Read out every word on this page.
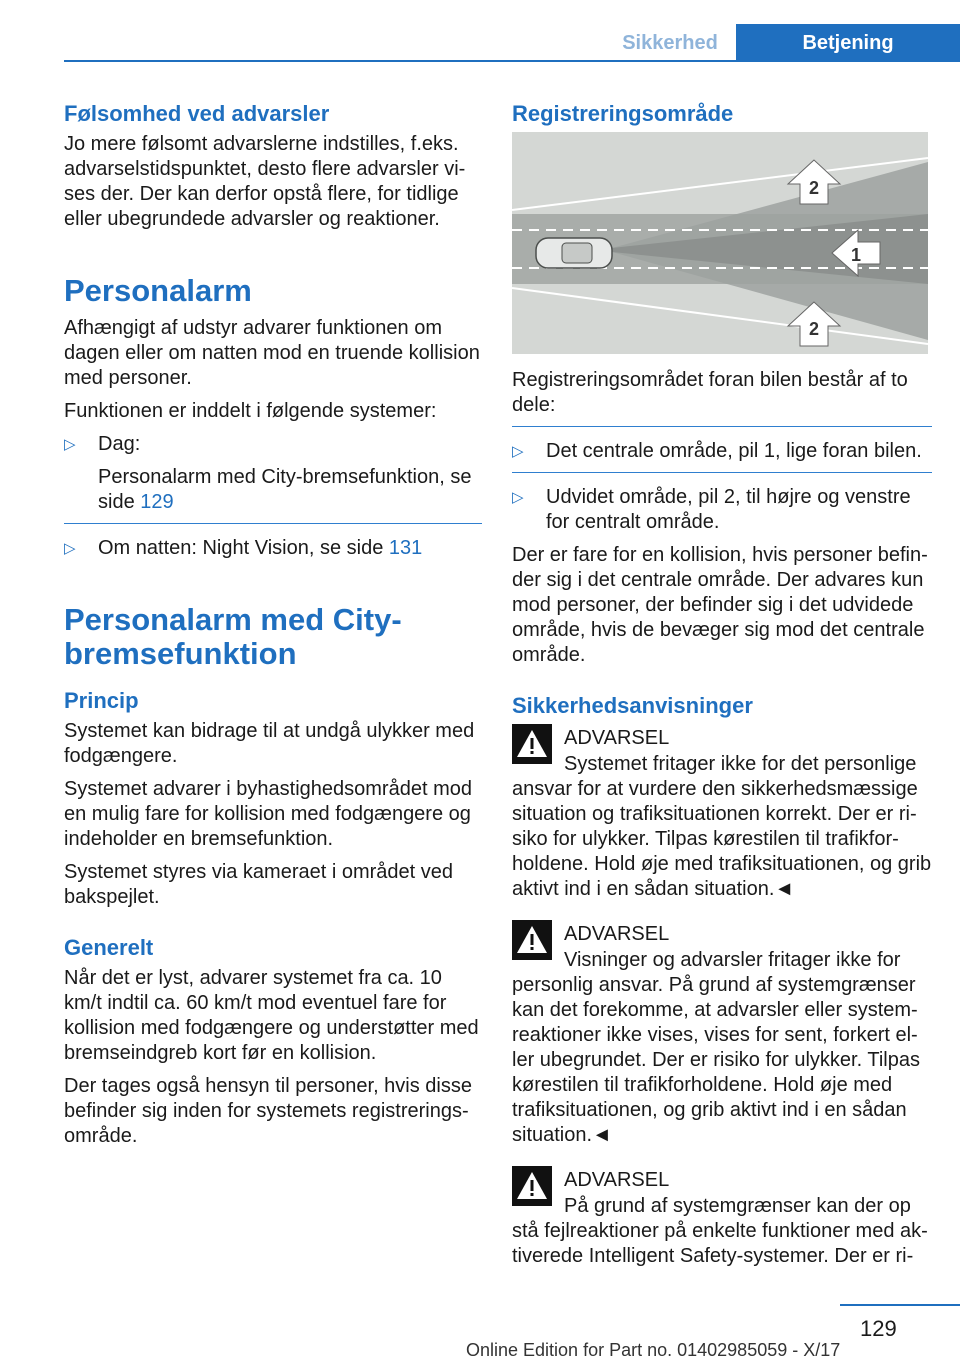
Sikkerhed	Betjening
Følsomhed ved advarsler

Jo mere følsomt advarslerne indstilles, f.eks. advarselstidspunktet, desto flere advarsler vises der. Der kan derfor opstå flere, for tidlige eller ubegrundede advarsler og reaktioner.

Personalarm

Afhængigt af udstyr advarer funktionen om dagen eller om natten mod en truende kollision med personer.

Funktionen er inddelt i følgende systemer:

▷	Dag:
Personalarm med City-bremsefunktion, se side 129
▷	Om natten: Night Vision, se side 131
Personalarm med City-
bremsefunktion
Princip

Systemet kan bidrage til at undgå ulykker med fodgængere.

Systemet advarer i byhastighedsområdet mod en mulig fare for kollision med fodgængere og indeholder en bremsefunktion.

Systemet styres via kameraet i området ved bakspejlet.

Generelt

Når det er lyst, advarer systemet fra ca. 10 km/t indtil ca. 60 km/t mod eventuel fare for kollision med fodgængere og understøtter med bremseindgreb kort før en kollision.

Der tages også hensyn til personer, hvis disse befinder sig inden for systemets registreringsområde.

Registreringsområde
2
1
2

Registreringsområdet foran bilen består af to dele:

▷	Det centrale område, pil 1, lige foran bilen.
▷	Udvidet område, pil 2, til højre og venstre for centralt område.

Der er fare for en kollision, hvis personer befinder sig i det centrale område. Der advares kun mod personer, der befinder sig i det udvidede område, hvis de bevæger sig mod det centrale område.

Sikkerhedsanvisninger
ADVARSEL
Systemet fritager ikke for det personlige ansvar for at vurdere den sikkerhedsmæssige situation og trafiksituationen korrekt. Der er risiko for ulykker. Tilpas kørestilen til trafikforholdene. Hold øje med trafiksituationen, og grib aktivt ind i en sådan situation.◄
ADVARSEL
Visninger og advarsler fritager ikke for personlig ansvar. På grund af systemgrænser kan det forekomme, at advarsler eller systemreaktioner ikke vises, vises for sent, forkert eller ubegrundet. Der er risiko for ulykker. Tilpas kørestilen til trafikforholdene. Hold øje med trafiksituationen, og grib aktivt ind i en sådan situation.◄
ADVARSEL
På grund af systemgrænser kan der op stå fejlreaktioner på enkelte funktioner med aktiverede Intelligent Safety-systemer. Der er ri-
129
Online Edition for Part no. 01402985059 - X/17
